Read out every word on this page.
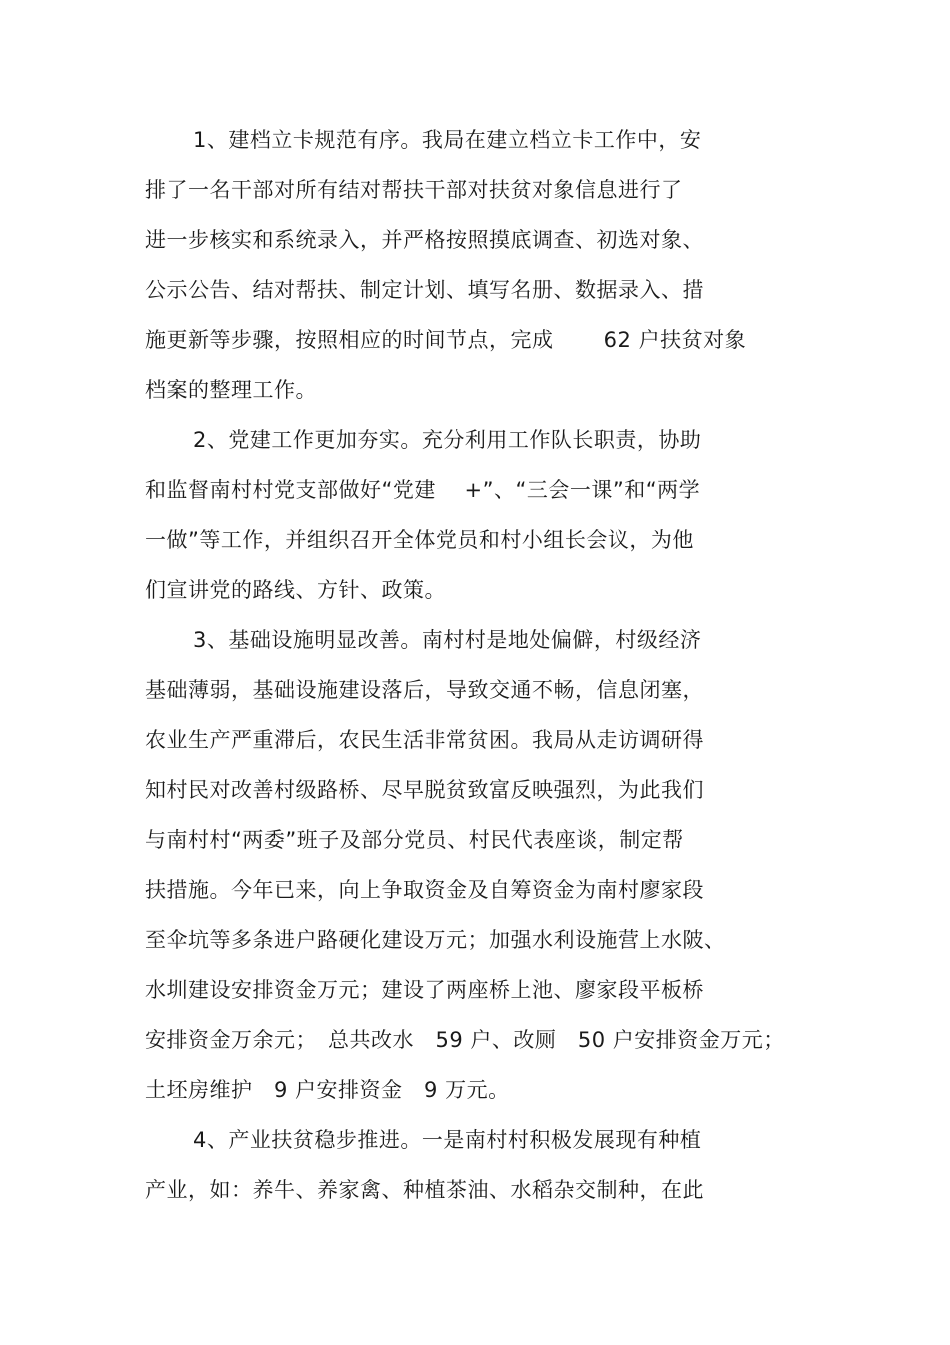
1、建档立卡规范有序。我局在建立档立卡工作中，安
排了一名干部对所有结对帮扶干部对扶贫对象信息进行了
进一步核实和系统录入，并严格按照摸底调查、初选对象、
公示公告、结对帮扶、制定计划、填写名册、数据录入、措
施更新等步骤，按照相应的时间节点，完成　　 62 户扶贫对象
档案的整理工作。
2、党建工作更加夯实。充分利用工作队长职责，协助
和监督南村村党支部做好“党建　 +”、“三会一课”和“两学
一做”等工作，并组织召开全体党员和村小组长会议，为他
们宣讲党的路线、方针、政策。
3、基础设施明显改善。南村村是地处偏僻，村级经济
基础薄弱，基础设施建设落后，导致交通不畅，信息闭塞，
农业生产严重滞后，农民生活非常贫困。我局从走访调研得
知村民对改善村级路桥、尽早脱贫致富反映强烈，为此我们
与南村村“两委”班子及部分党员、村民代表座谈，制定帮
扶措施。今年已来，向上争取资金及自筹资金为南村廖家段
至伞坑等多条进户路硬化建设万元；加强水利设施营上水陂、
水圳建设安排资金万元；建设了两座桥上池、廖家段平板桥
安排资金万余元；　总共改水　59 户、改厕　50 户安排资金万元；
土坯房维护　9 户安排资金　9 万元。
4、产业扶贫稳步推进。一是南村村积极发展现有种植
产业，如：养牛、养家禽、种植茶油、水稻杂交制种，在此
